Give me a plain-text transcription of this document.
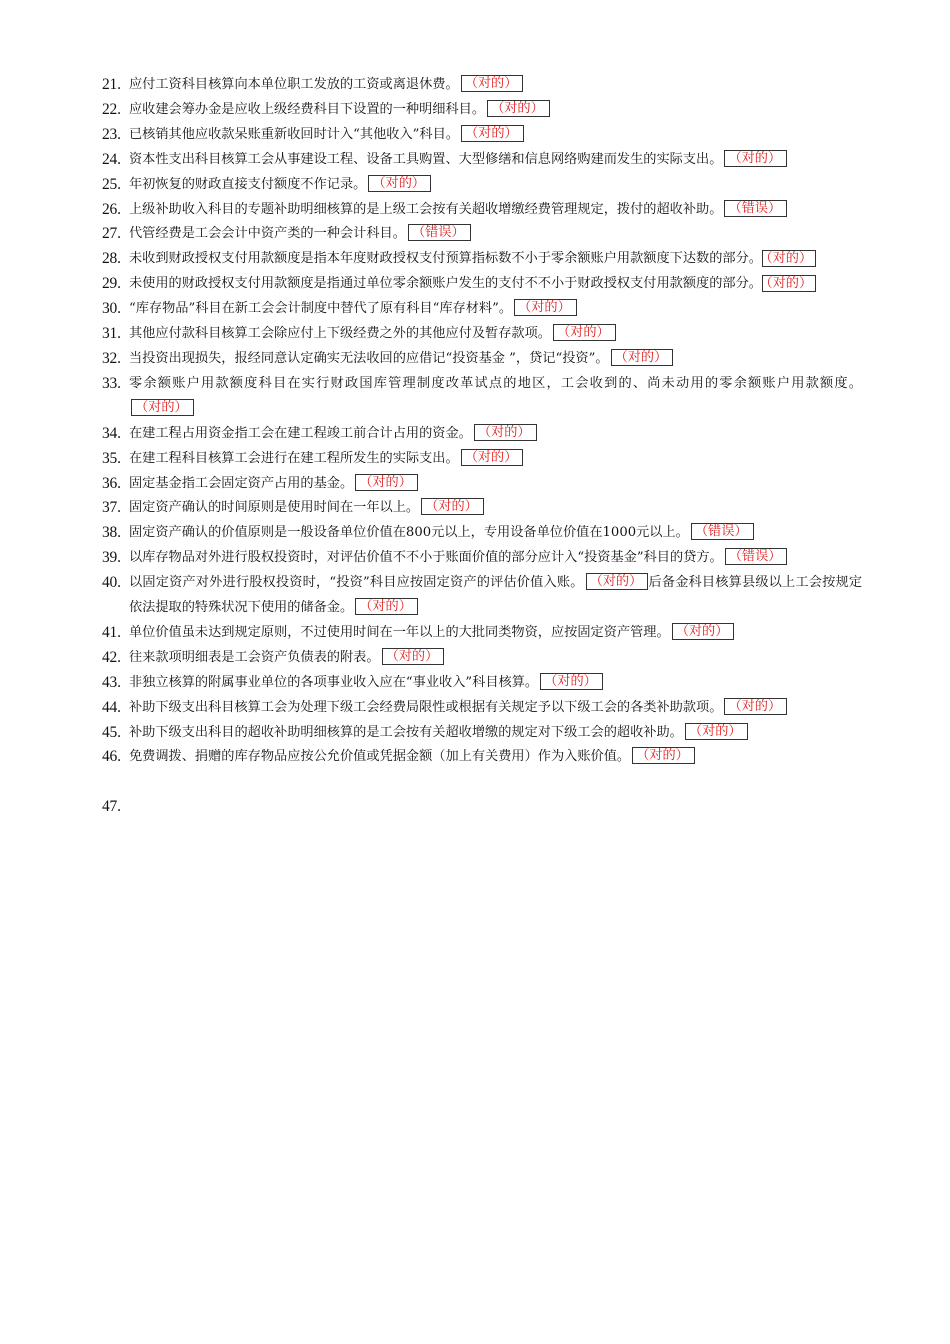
21. 应付工资科目核算向本单位职工发放的工资或离退休费。 （对的）
22. 应收建会筹办金是应收上级经费科目下设置的一种明细科目。 （对的）
23. 已核销其他应收款呆账重新收回时计入“其他收入”科目。 （对的）
24. 资本性支出科目核算工会从事建设工程、设备工具购置、大型修缮和信息网络购建而发生的实际支出。 （对的）
25. 年初恢复的财政直接支付额度不作记录。 （对的）
26. 上级补助收入科目的专题补助明细核算的是上级工会按有关超收增缴经费管理规定，拨付的超收补助。 （错误）
27. 代管经费是工会会计中资产类的一种会计科目。 （错误）
28. 未收到财政授权支付用款额度是指本年度财政授权支付预算指标数不小于零余额账户用款额度下达数的部分。 （对的）
29. 未使用的财政授权支付用款额度是指通过单位零余额账户发生的支付不不小于财政授权支付用款额度的部分。 （对的）
30. “库存物品”科目在新工会会计制度中替代了原有科目“库存材料”。 （对的）
31. 其他应付款科目核算工会除应付上下级经费之外的其他应付及暂存款项。 （对的）
32. 当投资出现损失，报经同意认定确实无法收回的应借记“投资基金 ”，贷记“投资”。 （对的）
33. 零余额账户用款额度科目在实行财政国库管理制度改革试点的地区，工会收到的、尚未动用的零余额账户用款额度。（对的）
34. 在建工程占用资金指工会在建工程竣工前合计占用的资金。 （对的）
35. 在建工程科目核算工会进行在建工程所发生的实际支出。 （对的）
36. 固定基金指工会固定资产占用的基金。 （对的）
37. 固定资产确认的时间原则是使用时间在一年以上。 （对的）
38. 固定资产确认的价值原则是一般设备单位价值在800元以上，专用设备单位价值在1000元以上。 （错误）
39. 以库存物品对外进行股权投资时，对评估价值不不小于账面价值的部分应计入“投资基金”科目的贷方。 （错误）
40. 以固定资产对外进行股权投资时，“投资”科目应按固定资产的评估价值入账。 （对的） 后备金科目核算县级以上工会按规定依法提取的特殊状况下使用的储备金。 （对的）
41. 单位价值虽未达到规定原则，不过使用时间在一年以上的大批同类物资，应按固定资产管理。 （对的）
42. 往来款项明细表是工会资产负债表的附表。 （对的）
43. 非独立核算的附属事业单位的各项事业收入应在“事业收入”科目核算。 （对的）
44. 补助下级支出科目核算工会为处理下级工会经费局限性或根据有关规定予以下级工会的各类补助款项。 （对的）
45. 补助下级支出科目的超收补助明细核算的是工会按有关超收增缴的规定对下级工会的超收补助。 （对的）
46. 免费调拨、捐赠的库存物品应按公允价值或凭据金额（加上有关费用）作为入账价值。 （对的）
47.
